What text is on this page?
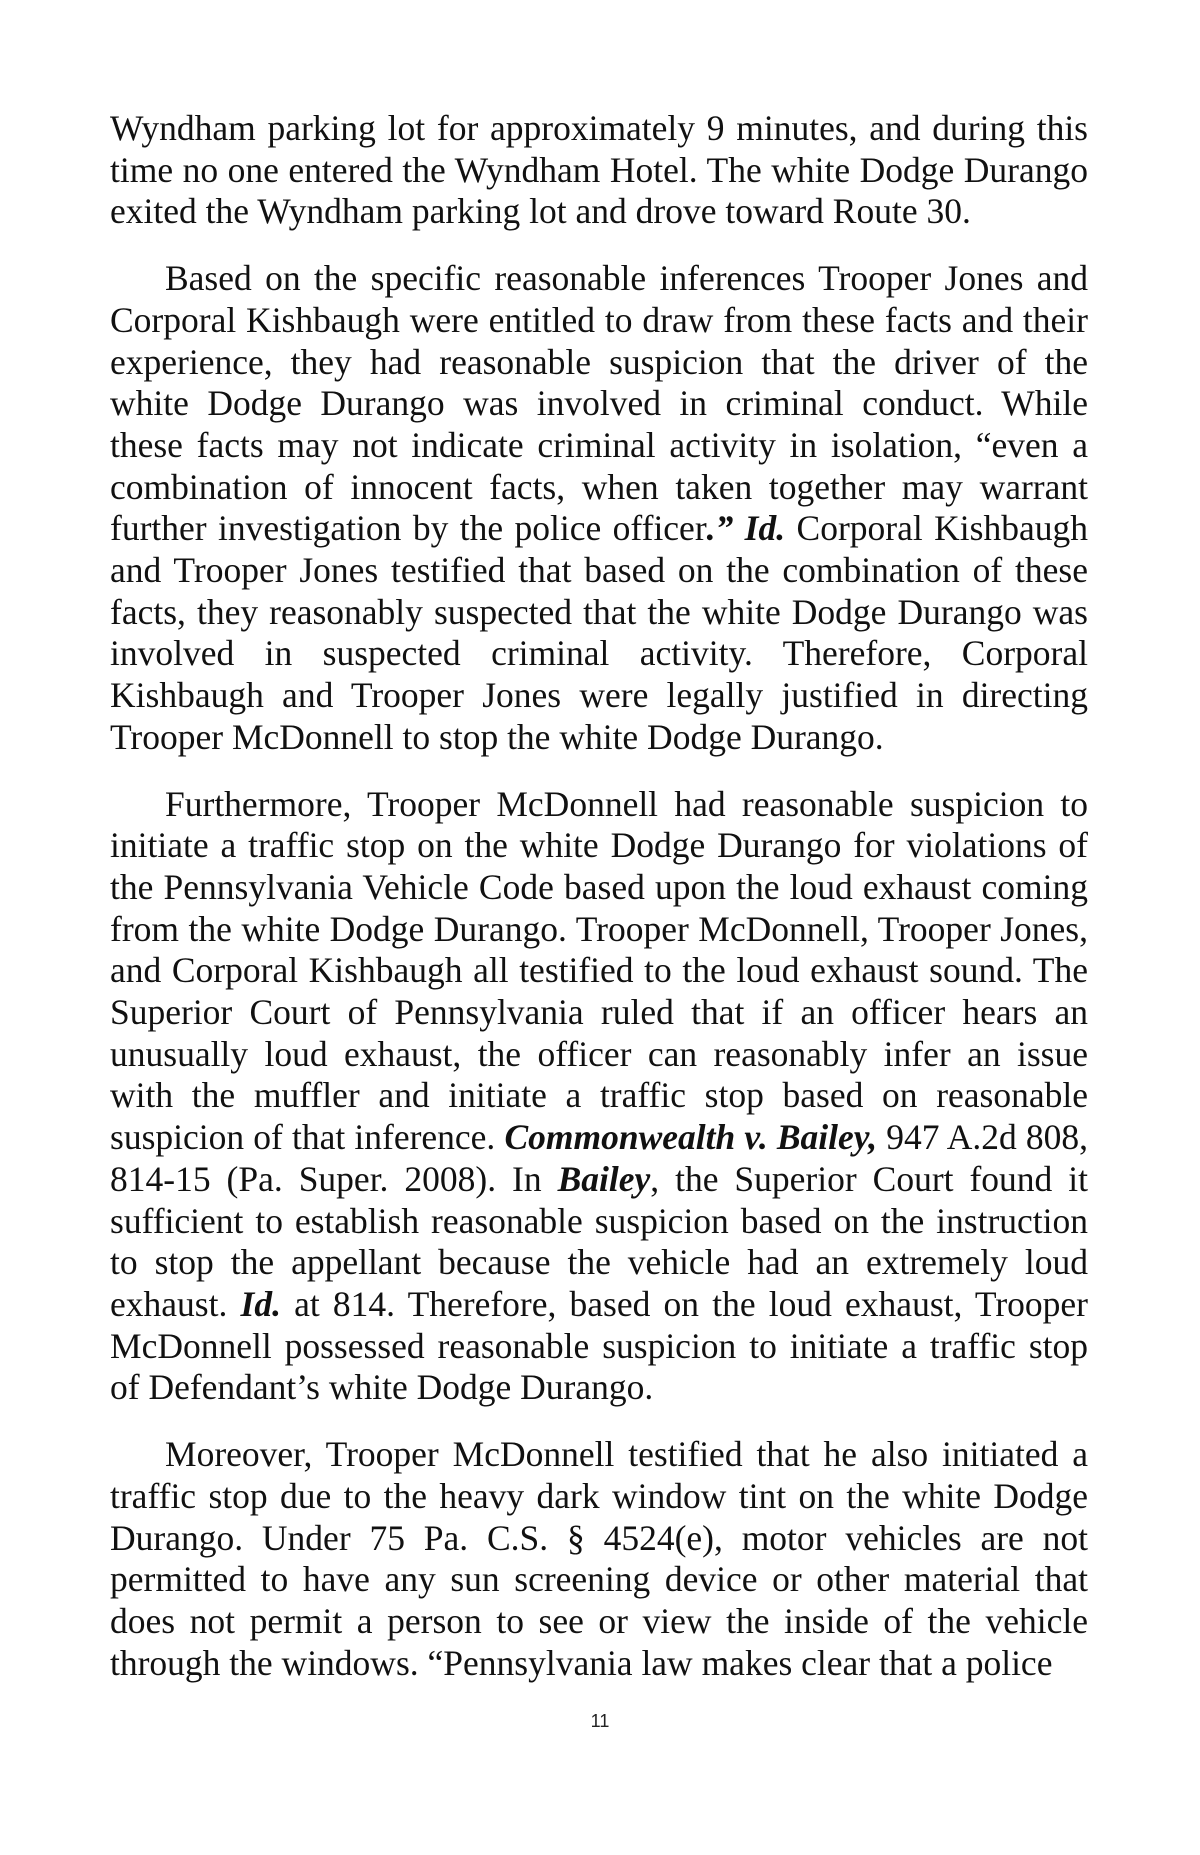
Wyndham parking lot for approximately 9 minutes, and during this time no one entered the Wyndham Hotel. The white Dodge Durango exited the Wyndham parking lot and drove toward Route 30.

Based on the specific reasonable inferences Trooper Jones and Corporal Kishbaugh were entitled to draw from these facts and their experience, they had reasonable suspicion that the driver of the white Dodge Durango was involved in criminal conduct. While these facts may not indicate criminal activity in isolation, “even a combination of innocent facts, when taken together may warrant further investigation by the police officer.” Id. Corporal Kishbaugh and Trooper Jones testified that based on the combination of these facts, they reasonably suspected that the white Dodge Durango was involved in suspected criminal activity. Therefore, Corporal Kishbaugh and Trooper Jones were legally justified in directing Trooper McDonnell to stop the white Dodge Durango.

Furthermore, Trooper McDonnell had reasonable suspicion to initiate a traffic stop on the white Dodge Durango for violations of the Pennsylvania Vehicle Code based upon the loud exhaust coming from the white Dodge Durango. Trooper McDonnell, Trooper Jones, and Corporal Kishbaugh all testified to the loud exhaust sound. The Superior Court of Pennsylvania ruled that if an officer hears an unusually loud exhaust, the officer can reasonably infer an issue with the muffler and initiate a traffic stop based on reasonable suspicion of that inference. Commonwealth v. Bailey, 947 A.2d 808, 814-15 (Pa. Super. 2008). In Bailey, the Superior Court found it sufficient to establish reasonable suspicion based on the instruction to stop the appellant because the vehicle had an extremely loud exhaust. Id. at 814. Therefore, based on the loud exhaust, Trooper McDonnell possessed reasonable suspicion to initiate a traffic stop of Defendant’s white Dodge Durango.

Moreover, Trooper McDonnell testified that he also initiated a traffic stop due to the heavy dark window tint on the white Dodge Durango. Under 75 Pa. C.S. § 4524(e), motor vehicles are not permitted to have any sun screening device or other material that does not permit a person to see or view the inside of the vehicle through the windows. “Pennsylvania law makes clear that a police

11
